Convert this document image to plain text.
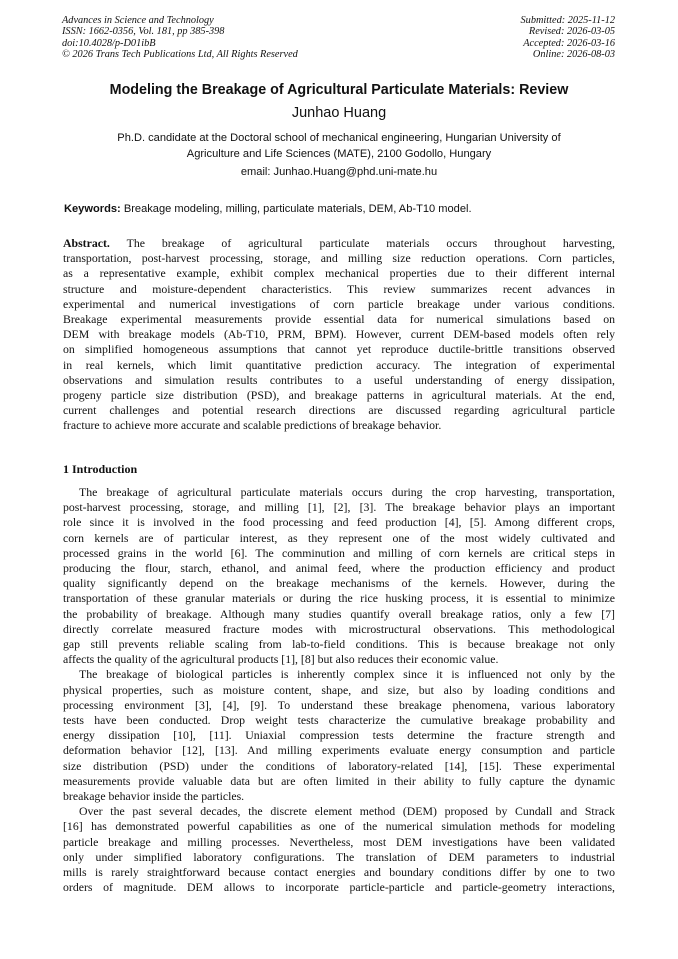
Advances in Science and Technology
ISSN: 1662-0356, Vol. 181, pp 385-398
doi:10.4028/p-D01ibB
© 2026 Trans Tech Publications Ltd, All Rights Reserved
Submitted: 2025-11-12
Revised: 2026-03-05
Accepted: 2026-03-16
Online: 2026-08-03
Modeling the Breakage of Agricultural Particulate Materials: Review
Junhao Huang
Ph.D. candidate at the Doctoral school of mechanical engineering, Hungarian University of
Agriculture and Life Sciences (MATE), 2100 Godollo, Hungary
email: Junhao.Huang@phd.uni-mate.hu
Keywords: Breakage modeling, milling, particulate materials, DEM, Ab-T10 model.
Abstract. The breakage of agricultural particulate materials occurs throughout harvesting,
transportation, post-harvest processing, storage, and milling size reduction operations. Corn particles,
as a representative example, exhibit complex mechanical properties due to their different internal
structure and moisture-dependent characteristics. This review summarizes recent advances in
experimental and numerical investigations of corn particle breakage under various conditions.
Breakage experimental measurements provide essential data for numerical simulations based on
DEM with breakage models (Ab-T10, PRM, BPM). However, current DEM-based models often rely
on simplified homogeneous assumptions that cannot yet reproduce ductile-brittle transitions observed
in real kernels, which limit quantitative prediction accuracy. The integration of experimental
observations and simulation results contributes to a useful understanding of energy dissipation,
progeny particle size distribution (PSD), and breakage patterns in agricultural materials. At the end,
current challenges and potential research directions are discussed regarding agricultural particle
fracture to achieve more accurate and scalable predictions of breakage behavior.
1 Introduction
The breakage of agricultural particulate materials occurs during the crop harvesting, transportation,
post-harvest processing, storage, and milling [1], [2], [3]. The breakage behavior plays an important
role since it is involved in the food processing and feed production [4], [5]. Among different crops,
corn kernels are of particular interest, as they represent one of the most widely cultivated and
processed grains in the world [6]. The comminution and milling of corn kernels are critical steps in
producing the flour, starch, ethanol, and animal feed, where the production efficiency and product
quality significantly depend on the breakage mechanisms of the kernels. However, during the
transportation of these granular materials or during the rice husking process, it is essential to minimize
the probability of breakage. Although many studies quantify overall breakage ratios, only a few [7]
directly correlate measured fracture modes with microstructural observations. This methodological
gap still prevents reliable scaling from lab-to-field conditions. This is because breakage not only
affects the quality of the agricultural products [1], [8] but also reduces their economic value.
The breakage of biological particles is inherently complex since it is influenced not only by the
physical properties, such as moisture content, shape, and size, but also by loading conditions and
processing environment [3], [4], [9]. To understand these breakage phenomena, various laboratory
tests have been conducted. Drop weight tests characterize the cumulative breakage probability and
energy dissipation [10], [11]. Uniaxial compression tests determine the fracture strength and
deformation behavior [12], [13]. And milling experiments evaluate energy consumption and particle
size distribution (PSD) under the conditions of laboratory-related [14], [15]. These experimental
measurements provide valuable data but are often limited in their ability to fully capture the dynamic
breakage behavior inside the particles.
Over the past several decades, the discrete element method (DEM) proposed by Cundall and Strack
[16] has demonstrated powerful capabilities as one of the numerical simulation methods for modeling
particle breakage and milling processes. Nevertheless, most DEM investigations have been validated
only under simplified laboratory configurations. The translation of DEM parameters to industrial
mills is rarely straightforward because contact energies and boundary conditions differ by one to two
orders of magnitude. DEM allows to incorporate particle-particle and particle-geometry interactions,
